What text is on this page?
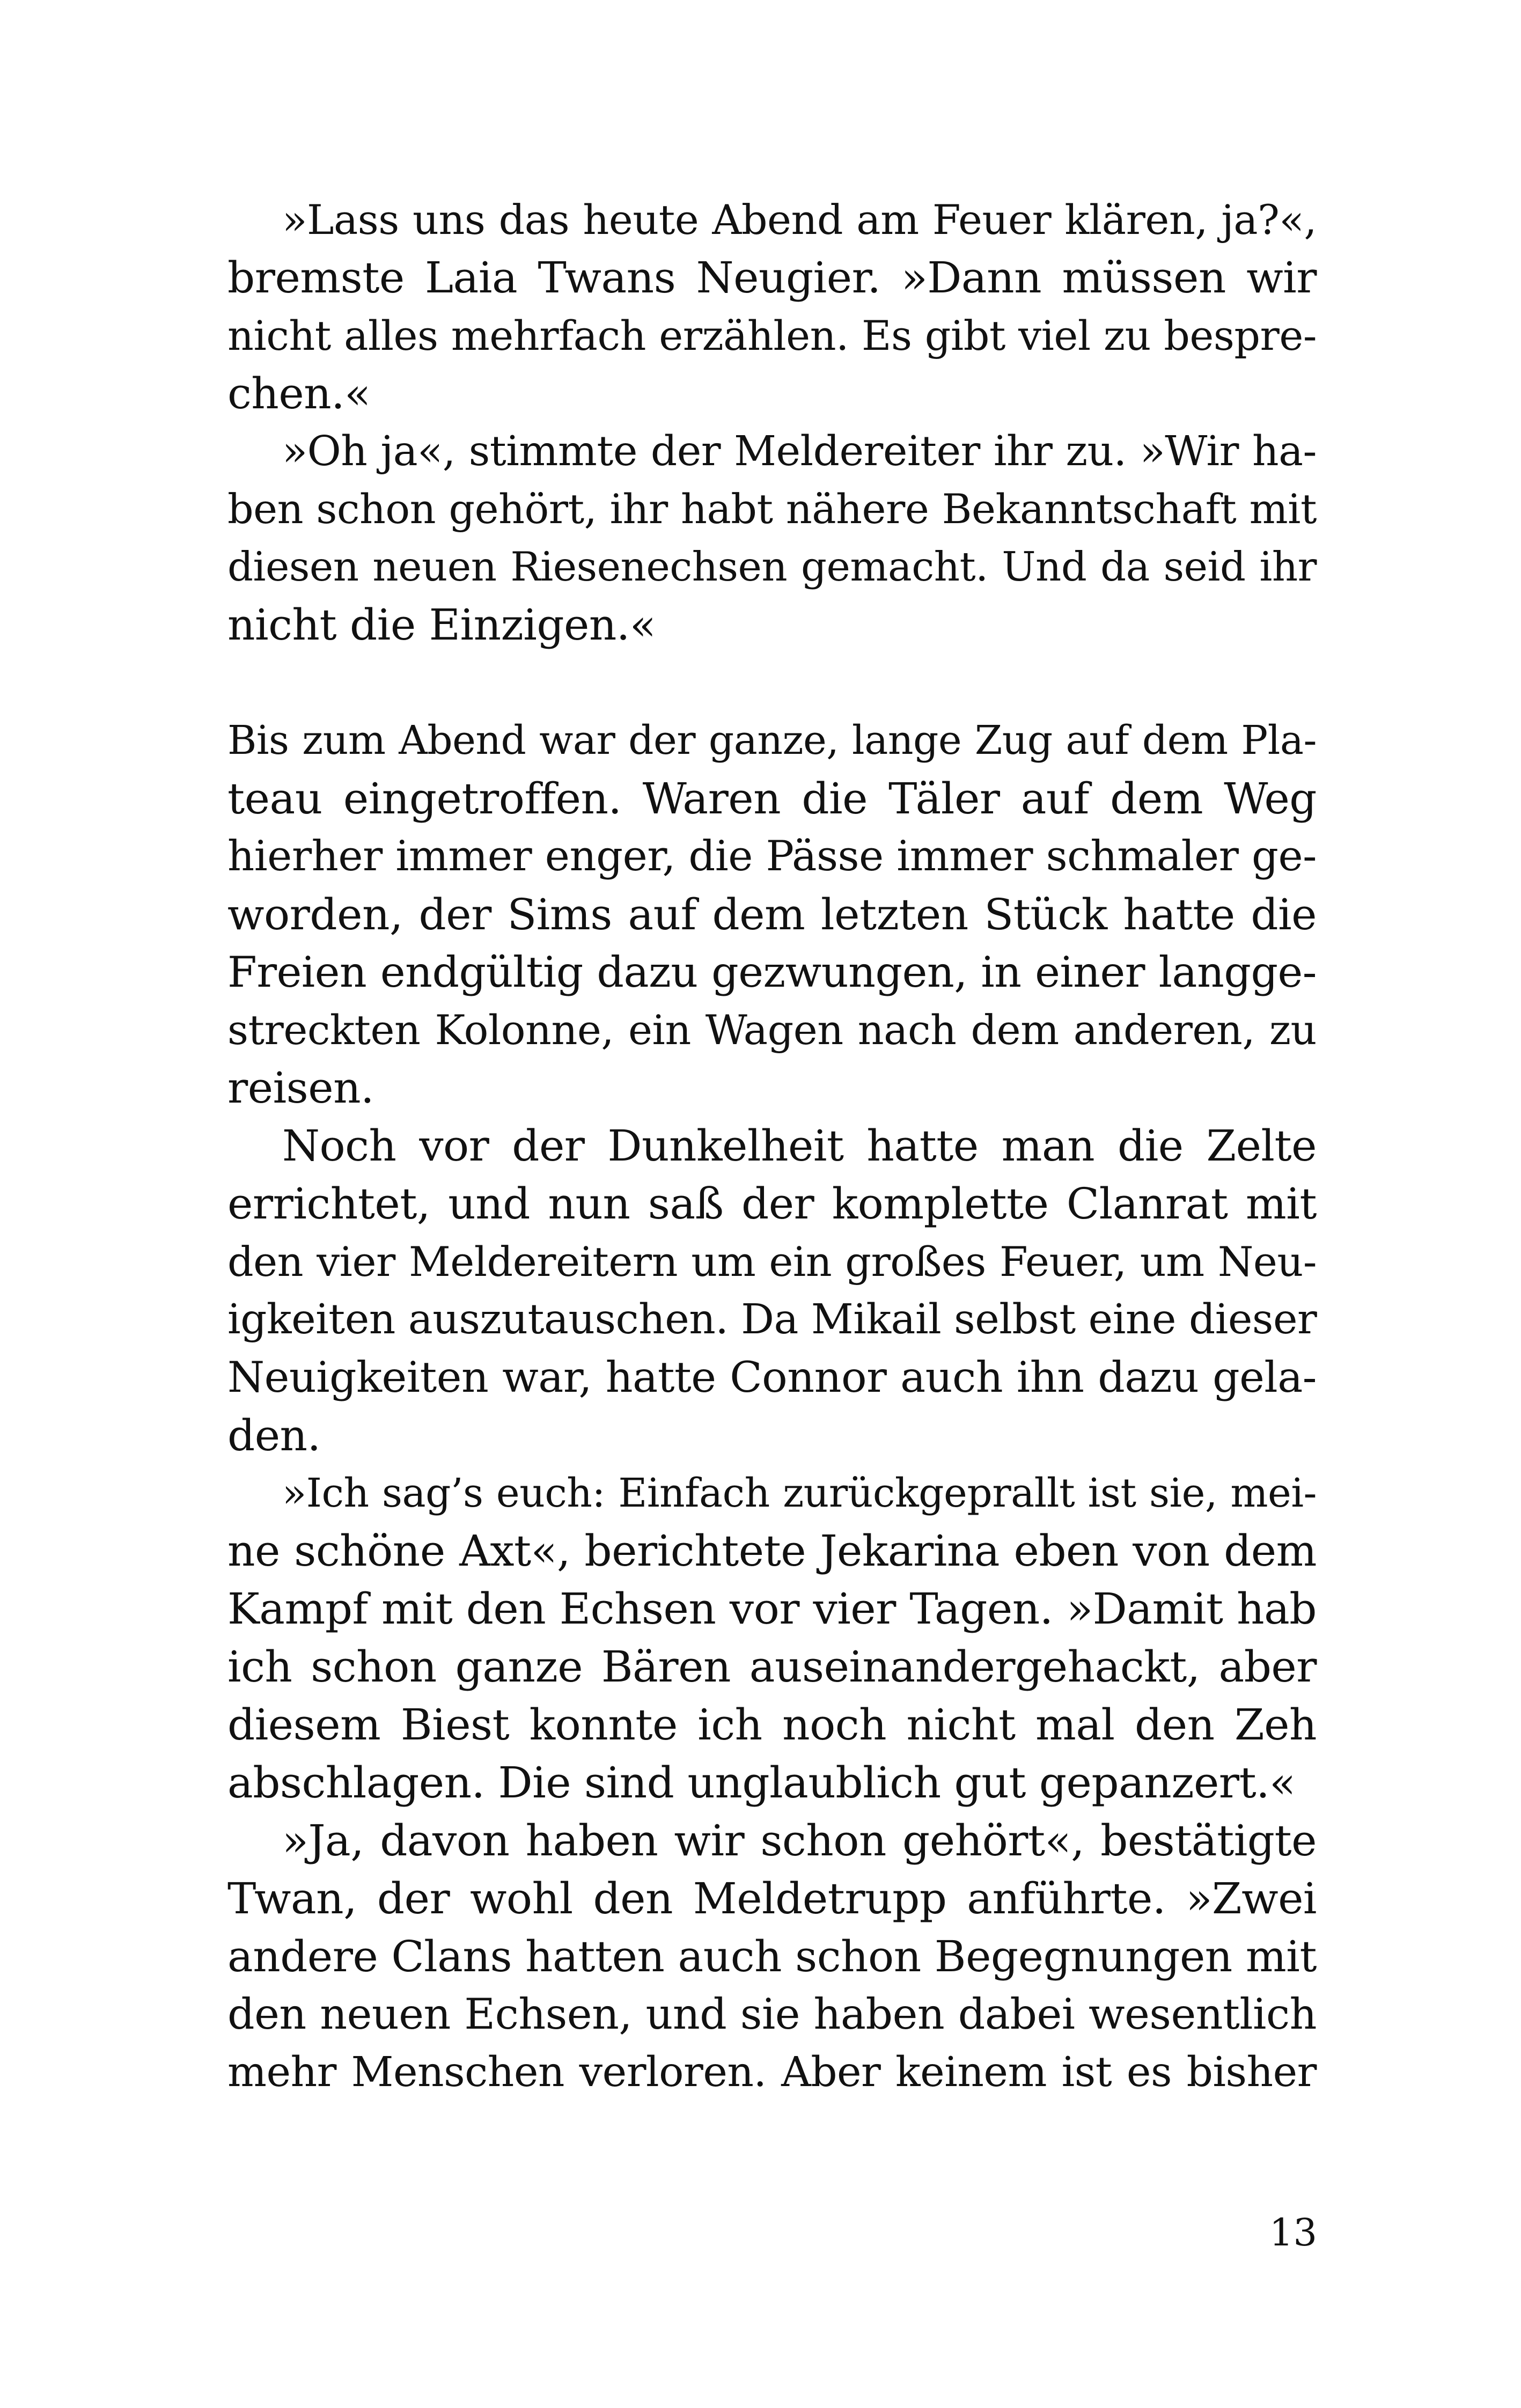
»Lass uns das heute Abend am Feuer klären, ja?«,
bremste Laia Twans Neugier. »Dann müssen wir
nicht alles mehrfach erzählen. Es gibt viel zu bespre-
chen.«
»Oh ja«, stimmte der Meldereiter ihr zu. »Wir ha-
ben schon gehört, ihr habt nähere Bekanntschaft mit
diesen neuen Riesenechsen gemacht. Und da seid ihr
nicht die Einzigen.«
Bis zum Abend war der ganze, lange Zug auf dem Pla-
teau eingetroffen. Waren die Täler auf dem Weg
hierher immer enger, die Pässe immer schmaler ge-
worden, der Sims auf dem letzten Stück hatte die
Freien endgültig dazu gezwungen, in einer langge-
streckten Kolonne, ein Wagen nach dem anderen, zu
reisen.
Noch vor der Dunkelheit hatte man die Zelte
errichtet, und nun saß der komplette Clanrat mit
den vier Meldereitern um ein großes Feuer, um Neu-
igkeiten auszutauschen. Da Mikail selbst eine dieser
Neuigkeiten war, hatte Connor auch ihn dazu gela-
den.
»Ich sag’s euch: Einfach zurückgeprallt ist sie, mei-
ne schöne Axt«, berichtete Jekarina eben von dem
Kampf mit den Echsen vor vier Tagen. »Damit hab
ich schon ganze Bären auseinandergehackt, aber
diesem Biest konnte ich noch nicht mal den Zeh
abschlagen. Die sind unglaublich gut gepanzert.«
»Ja, davon haben wir schon gehört«, bestätigte
Twan, der wohl den Meldetrupp anführte. »Zwei
andere Clans hatten auch schon Begegnungen mit
den neuen Echsen, und sie haben dabei wesentlich
mehr Menschen verloren. Aber keinem ist es bisher
13
